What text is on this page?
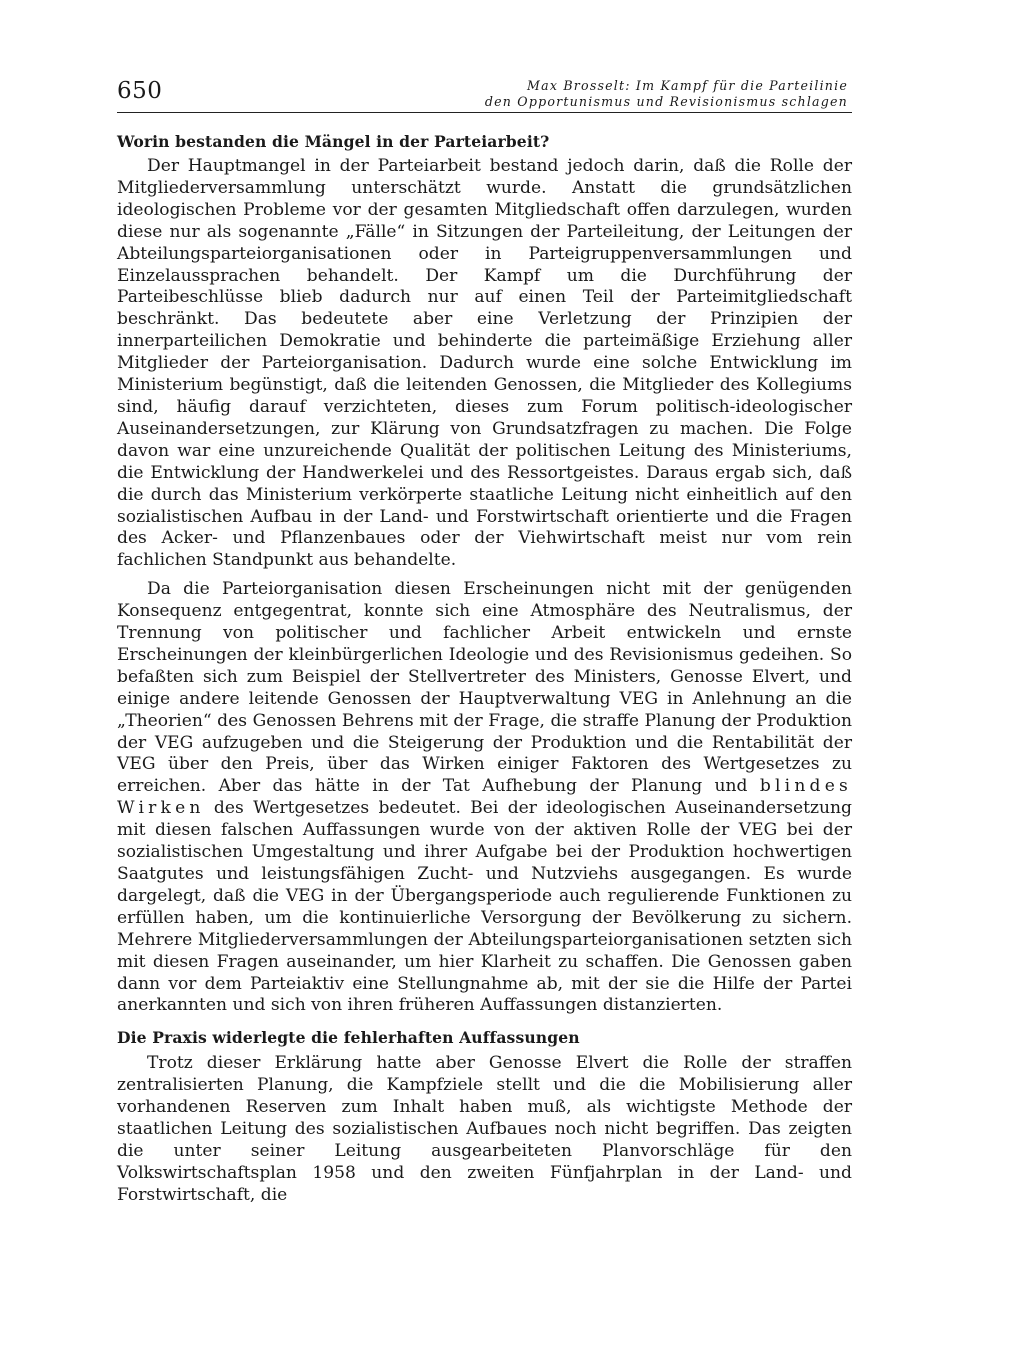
650	Max Brosselt: Im Kampf für die Parteilinie
den Opportunismus und Revisionismus schlagen
Worin bestanden die Mängel in der Parteiarbeit?

Der Hauptmangel in der Parteiarbeit bestand jedoch darin, daß die Rolle der Mitgliederversammlung unterschätzt wurde. Anstatt die grundsätzlichen ideologischen Probleme vor der gesamten Mitgliedschaft offen darzulegen, wurden diese nur als sogenannte „Fälle“ in Sitzungen der Parteileitung, der Leitungen der Abteilungsparteiorganisationen oder in Parteigruppenversammlungen und Einzelaussprachen behandelt. Der Kampf um die Durchführung der Parteibeschlüsse blieb dadurch nur auf einen Teil der Parteimitgliedschaft beschränkt. Das bedeutete aber eine Verletzung der Prinzipien der innerparteilichen Demokratie und behinderte die parteimäßige Erziehung aller Mitglieder der Parteiorganisation. Dadurch wurde eine solche Entwicklung im Ministerium begünstigt, daß die leitenden Genossen, die Mitglieder des Kollegiums sind, häufig darauf verzichteten, dieses zum Forum politisch-ideologischer Auseinandersetzungen, zur Klärung von Grundsatzfragen zu machen. Die Folge davon war eine unzureichende Qualität der politischen Leitung des Ministeriums, die Entwicklung der Handwerkelei und des Ressortgeistes. Daraus ergab sich, daß die durch das Ministerium verkörperte staatliche Leitung nicht einheitlich auf den sozialistischen Aufbau in der Land- und Forstwirtschaft orientierte und die Fragen des Acker- und Pflanzenbaues oder der Viehwirtschaft meist nur vom rein fachlichen Standpunkt aus behandelte.

Da die Parteiorganisation diesen Erscheinungen nicht mit der genügenden Konsequenz entgegentrat, konnte sich eine Atmosphäre des Neutralismus, der Trennung von politischer und fachlicher Arbeit entwickeln und ernste Erscheinungen der kleinbürgerlichen Ideologie und des Revisionismus gedeihen. So befaßten sich zum Beispiel der Stellvertreter des Ministers, Genosse Elvert, und einige andere leitende Genossen der Hauptverwaltung VEG in Anlehnung an die „Theorien“ des Genossen Behrens mit der Frage, die straffe Planung der Produktion der VEG aufzugeben und die Steigerung der Produktion und die Rentabilität der VEG über den Preis, über das Wirken einiger Faktoren des Wertgesetzes zu erreichen. Aber das hätte in der Tat Aufhebung der Planung und blindes Wirken des Wertgesetzes bedeutet. Bei der ideologischen Auseinandersetzung mit diesen falschen Auffassungen wurde von der aktiven Rolle der VEG bei der sozialistischen Umgestaltung und ihrer Aufgabe bei der Produktion hochwertigen Saatgutes und leistungsfähigen Zucht- und Nutzviehs ausgegangen. Es wurde dargelegt, daß die VEG in der Übergangsperiode auch regulierende Funktionen zu erfüllen haben, um die kontinuierliche Versorgung der Bevölkerung zu sichern. Mehrere Mitgliederversammlungen der Abteilungsparteiorganisationen setzten sich mit diesen Fragen auseinander, um hier Klarheit zu schaffen. Die Genossen gaben dann vor dem Parteiaktiv eine Stellungnahme ab, mit der sie die Hilfe der Partei anerkannten und sich von ihren früheren Auffassungen distanzierten.

Die Praxis widerlegte die fehlerhaften Auffassungen

Trotz dieser Erklärung hatte aber Genosse Elvert die Rolle der straffen zentralisierten Planung, die Kampfziele stellt und die die Mobilisierung aller vorhandenen Reserven zum Inhalt haben muß, als wichtigste Methode der staatlichen Leitung des sozialistischen Aufbaues noch nicht begriffen. Das zeigten die unter seiner Leitung ausgearbeiteten Planvorschläge für den Volkswirtschaftsplan 1958 und den zweiten Fünfjahrplan in der Land- und Forstwirtschaft, die
